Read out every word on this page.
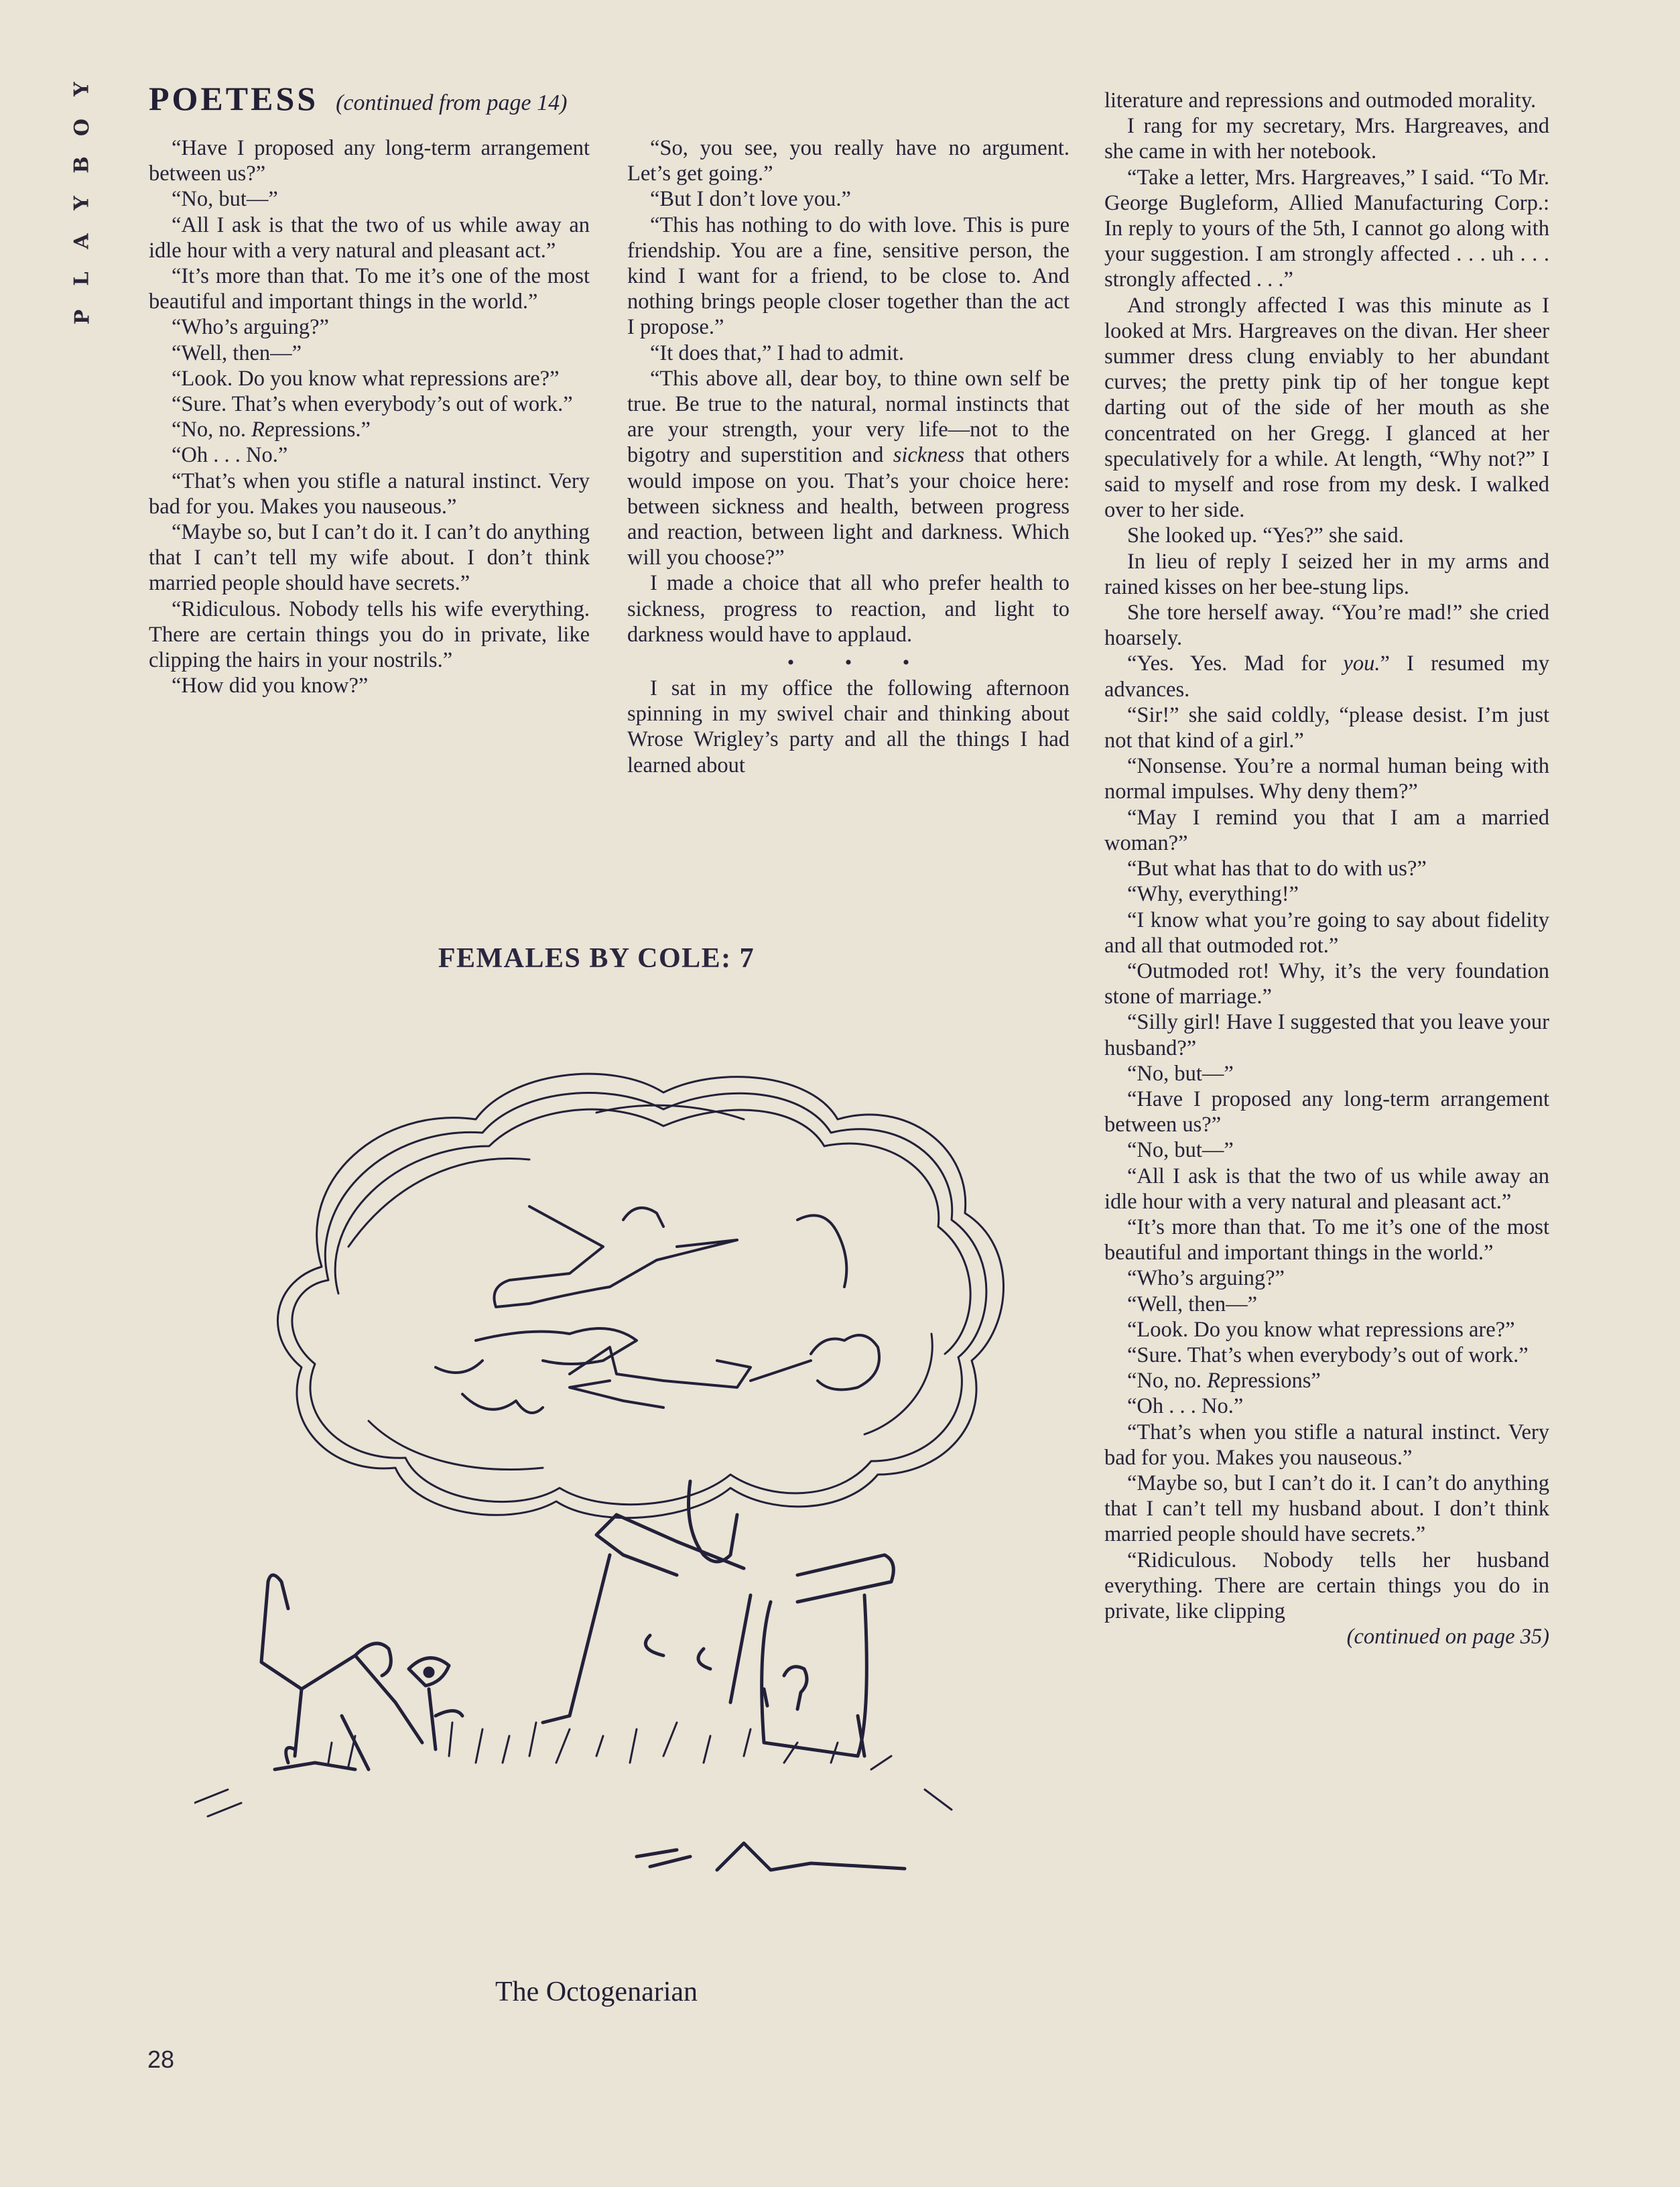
P
L
A
Y
B
O
Y POETESS (continued from page 14)

“Have I proposed any long-term arrangement between us?”

“No, but—”

“All I ask is that the two of us while away an idle hour with a very natural and pleasant act.”

“It’s more than that. To me it’s one of the most beautiful and important things in the world.”

“Who’s arguing?”

“Well, then—”

“Look. Do you know what repressions are?”

“Sure. That’s when everybody’s out of work.”

“No, no. Repressions.”

“Oh . . . No.”

“That’s when you stifle a natural instinct. Very bad for you. Makes you nauseous.”

“Maybe so, but I can’t do it. I can’t do anything that I can’t tell my wife about. I don’t think married people should have secrets.”

“Ridiculous. Nobody tells his wife everything. There are certain things you do in private, like clipping the hairs in your nostrils.”

“How did you know?”

“So, you see, you really have no argument. Let’s get going.”

“But I don’t love you.”

“This has nothing to do with love. This is pure friendship. You are a fine, sensitive person, the kind I want for a friend, to be close to. And nothing brings people closer together than the act I propose.”

“It does that,” I had to admit.

“This above all, dear boy, to thine own self be true. Be true to the natural, normal instincts that are your strength, your very life—not to the bigotry and superstition and sickness that others would impose on you. That’s your choice here: between sickness and health, between progress and reaction, between light and darkness. Which will you choose?”

I made a choice that all who prefer health to sickness, progress to reaction, and light to darkness would have to applaud.

• • •

I sat in my office the following afternoon spinning in my swivel chair and thinking about Wrose Wrigley’s party and all the things I had learned about

literature and repressions and outmoded morality.

I rang for my secretary, Mrs. Hargreaves, and she came in with her notebook.

“Take a letter, Mrs. Hargreaves,” I said. “To Mr. George Bugleform, Allied Manufacturing Corp.: In reply to yours of the 5th, I cannot go along with your suggestion. I am strongly affected . . . uh . . . strongly affected . . .”

And strongly affected I was this minute as I looked at Mrs. Hargreaves on the divan. Her sheer summer dress clung enviably to her abundant curves; the pretty pink tip of her tongue kept darting out of the side of her mouth as she concentrated on her Gregg. I glanced at her speculatively for a while. At length, “Why not?” I said to myself and rose from my desk. I walked over to her side.

She looked up. “Yes?” she said.

In lieu of reply I seized her in my arms and rained kisses on her bee-stung lips.

She tore herself away. “You’re mad!” she cried hoarsely.

“Yes. Yes. Mad for you.” I resumed my advances.

“Sir!” she said coldly, “please desist. I’m just not that kind of a girl.”

“Nonsense. You’re a normal human being with normal impulses. Why deny them?”

“May I remind you that I am a married woman?”

“But what has that to do with us?”

“Why, everything!”

“I know what you’re going to say about fidelity and all that outmoded rot.”

“Outmoded rot! Why, it’s the very foundation stone of marriage.”

“Silly girl! Have I suggested that you leave your husband?”

“No, but—”

“Have I proposed any long-term arrangement between us?”

“No, but—”

“All I ask is that the two of us while away an idle hour with a very natural and pleasant act.”

“It’s more than that. To me it’s one of the most beautiful and important things in the world.”

“Who’s arguing?”

“Well, then—”

“Look. Do you know what repressions are?”

“Sure. That’s when everybody’s out of work.”

“No, no. Repressions”

“Oh . . . No.”

“That’s when you stifle a natural instinct. Very bad for you. Makes you nauseous.”

“Maybe so, but I can’t do it. I can’t do anything that I can’t tell my husband about. I don’t think married people should have secrets.”

“Ridiculous. Nobody tells her husband everything. There are certain things you do in private, like clipping

(continued on page 35)

FEMALES BY COLE: 7
The Octogenarian
28
